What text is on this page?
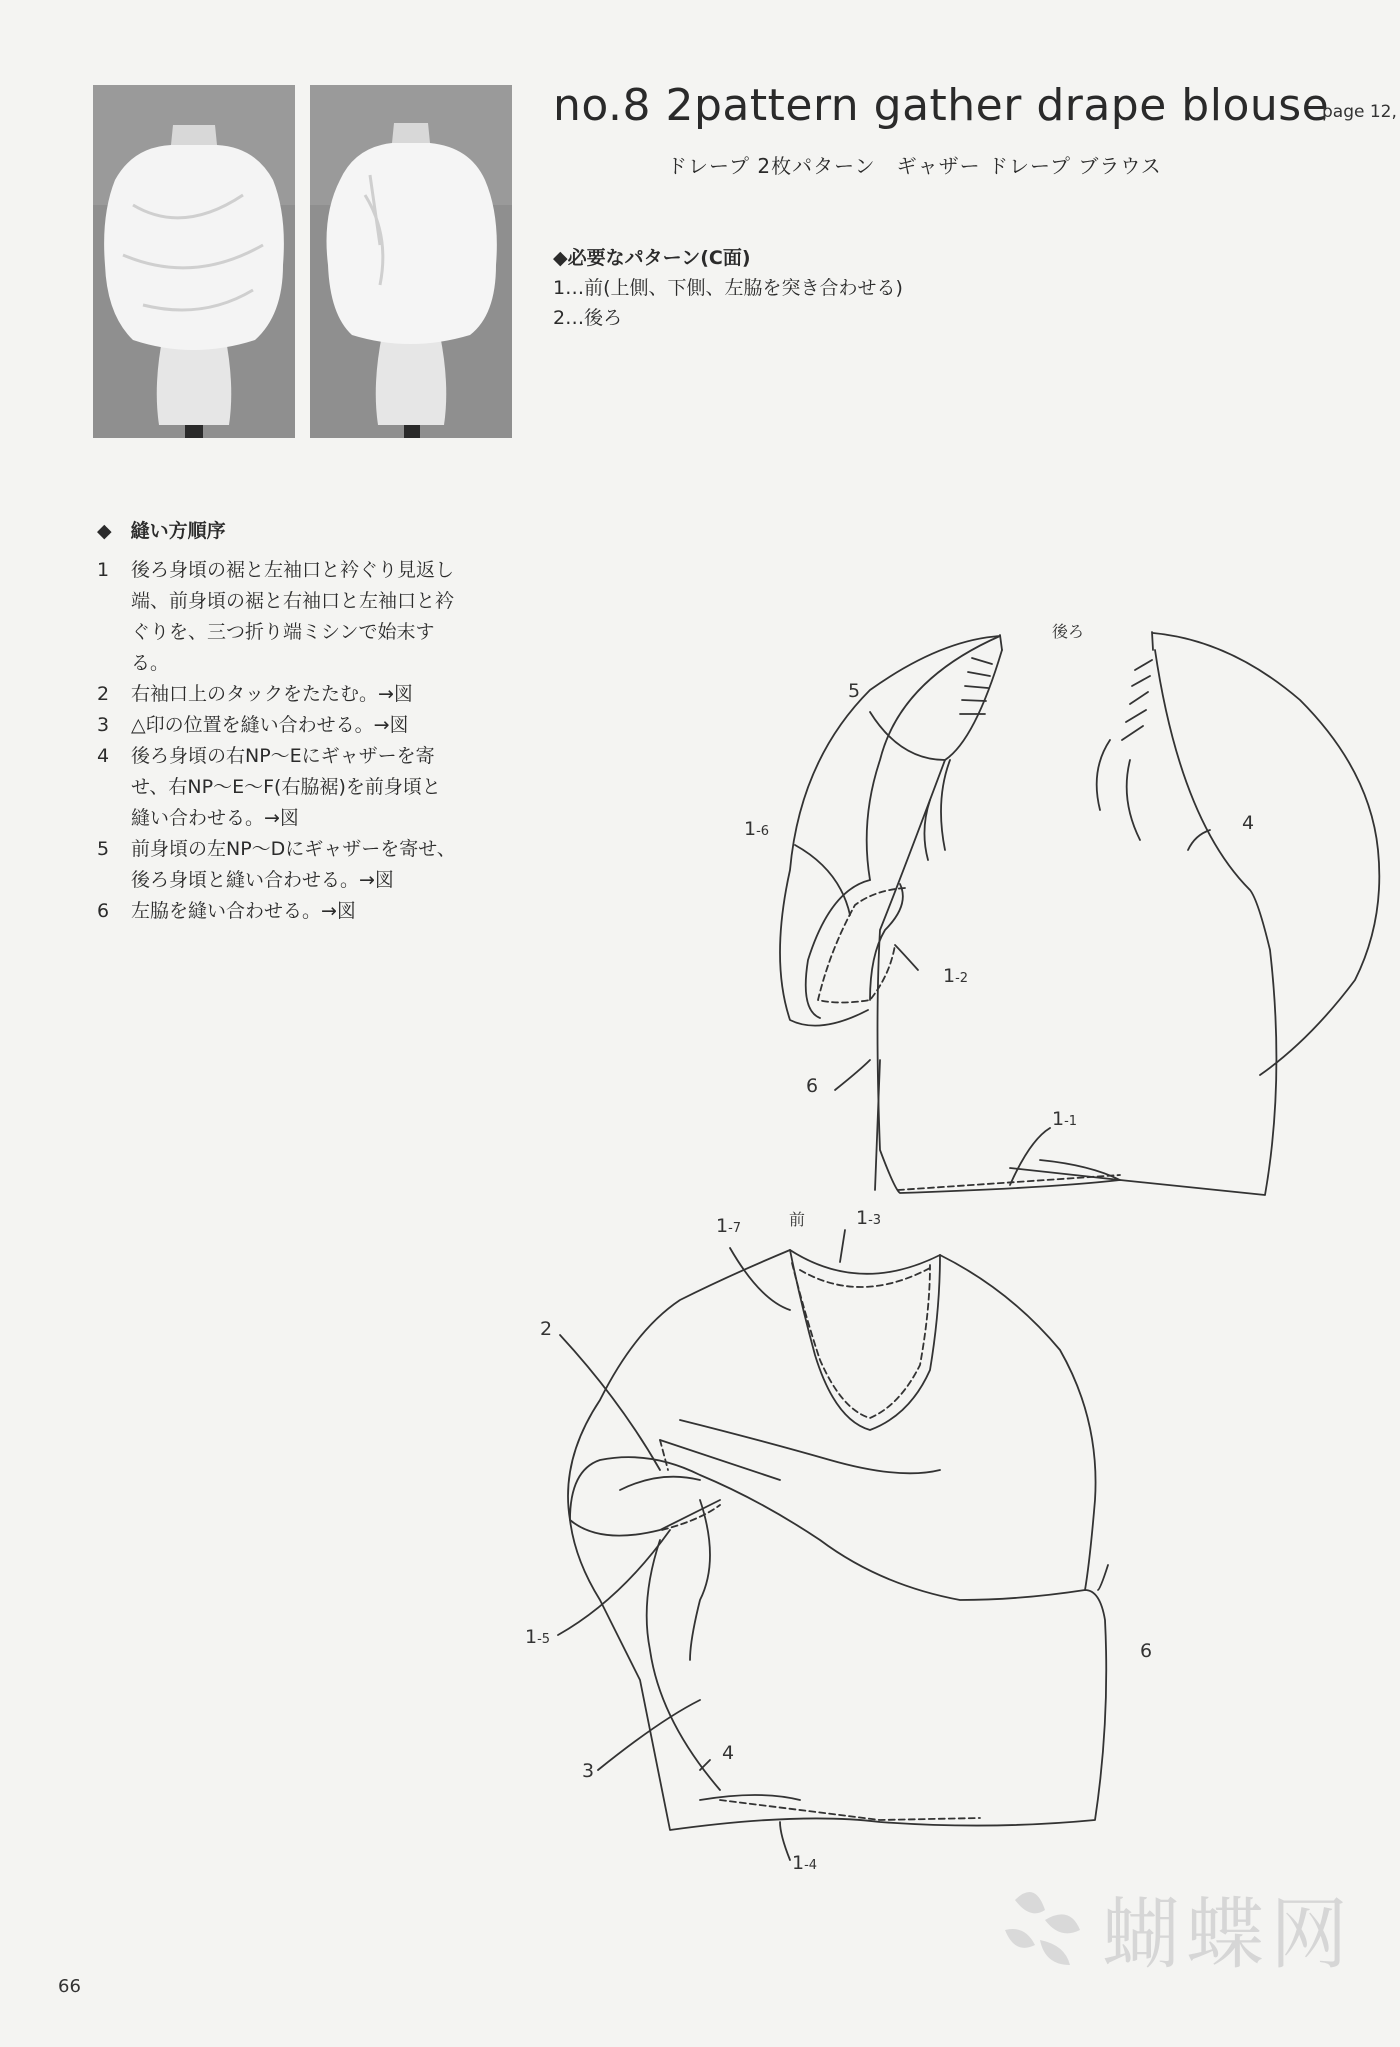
no.8 2pattern gather drape blouse
page 12,
ドレープ 2枚パターン　ギャザー ドレープ ブラウス
◆必要なパターン(C面)
1…前(上側、下側、左脇を突き合わせる)
2…後ろ
◆　縫い方順序
1	後ろ身頃の裾と左袖口と衿ぐり見返し端、前身頃の裾と右袖口と左袖口と衿ぐりを、三つ折り端ミシンで始末する。
2	右袖口上のタックをたたむ。→図
3	△印の位置を縫い合わせる。→図
4	後ろ身頃の右NP〜Eにギャザーを寄せ、右NP〜E〜F(右脇裾)を前身頃と縫い合わせる。→図
5	前身頃の左NP〜Dにギャザーを寄せ、後ろ身頃と縫い合わせる。→図
6	左脇を縫い合わせる。→図
後ろ
5
4
1-6
1-2
6
1-1
1-7	前	1-3
2
1-5
6
3
4
1-4
蝴蝶网
66
